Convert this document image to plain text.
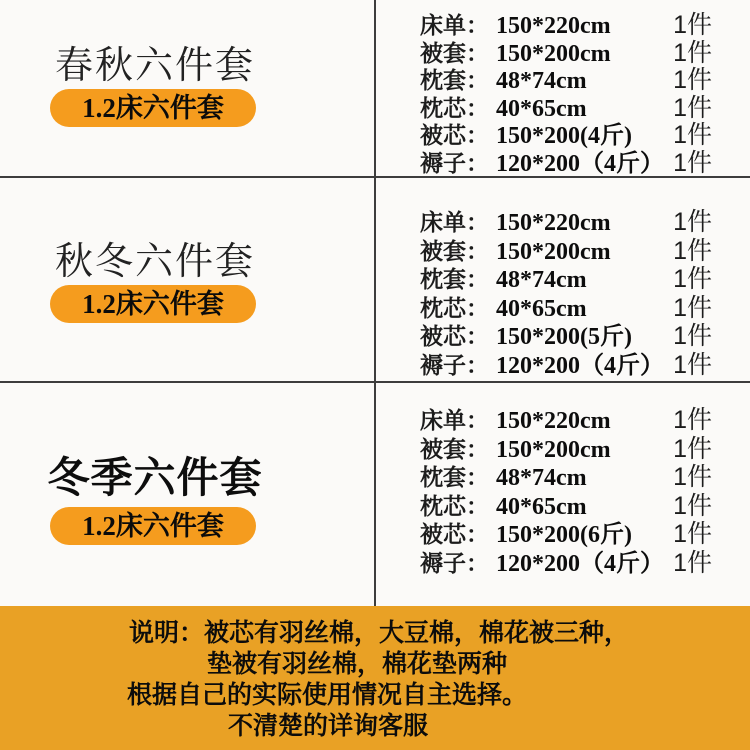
春秋六件套
1.2床六件套
床单： 150*220cm	1件
被套： 150*200cm	1件
枕套： 48*74cm	1件
枕芯： 40*65cm	1件
被芯： 150*200(4斤)	1件
褥子： 120*200（4斤） 1件
秋冬六件套
1.2床六件套
床单： 150*220cm	1件
被套： 150*200cm	1件
枕套： 48*74cm	1件
枕芯： 40*65cm	1件
被芯： 150*200(5斤)	1件
褥子： 120*200（4斤） 1件
冬季六件套
1.2床六件套
床单： 150*220cm	1件
被套： 150*200cm	1件
枕套： 48*74cm	1件
枕芯： 40*65cm	1件
被芯： 150*200(6斤)	1件
褥子： 120*200（4斤） 1件
说明：被芯有羽丝棉，大豆棉，棉花被三种，
垫被有羽丝棉，棉花垫两种
根据自己的实际使用情况自主选择。
不清楚的详询客服
